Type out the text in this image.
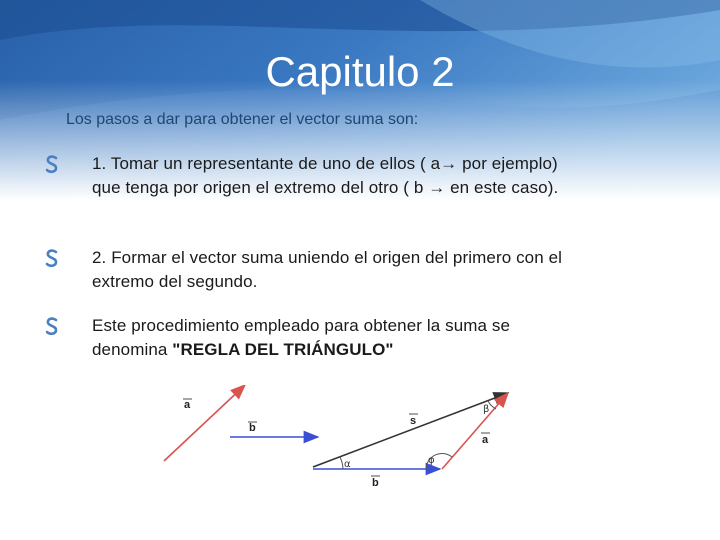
Capitulo 2
Los pasos a dar para obtener el vector suma son:
1. Tomar un representante de uno de ellos ( a→ por ejemplo)
que tenga por origen el extremo del otro ( b → en este caso).
2. Formar el vector suma uniendo el origen del primero con el
extremo del segundo.
Este procedimiento empleado para obtener la suma se
denomina "REGLA DEL TRIÁNGULO"
a
b
s
a
b
α	φ
β
